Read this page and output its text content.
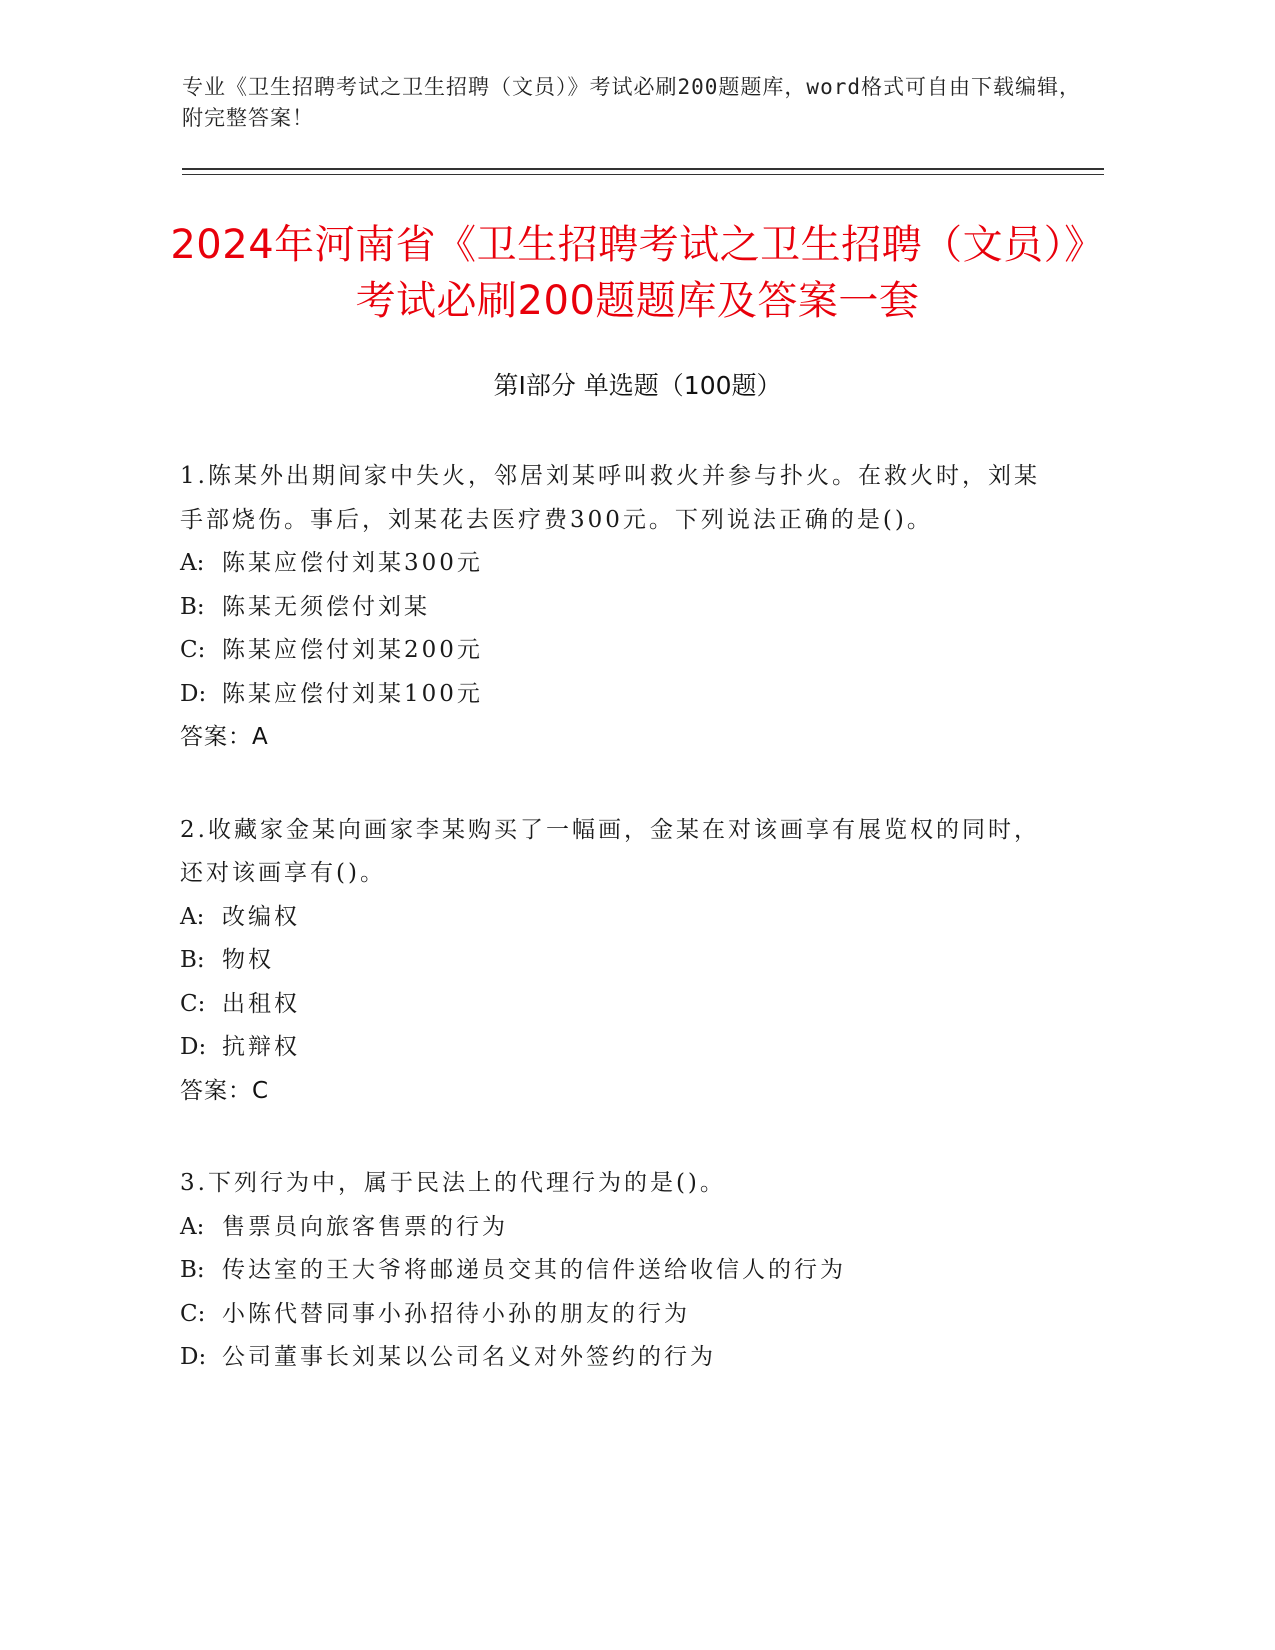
专业《卫生招聘考试之卫生招聘（文员）》考试必刷200题题库，word格式可自由下载编辑，附完整答案！
2024年河南省《卫生招聘考试之卫生招聘（文员）》考试必刷200题题库及答案一套
第Ⅰ部分 单选题（100题）
1.陈某外出期间家中失火，邻居刘某呼叫救火并参与扑火。在救火时，刘某手部烧伤。事后，刘某花去医疗费300元。下列说法正确的是()。
A: 陈某应偿付刘某300元
B: 陈某无须偿付刘某
C: 陈某应偿付刘某200元
D: 陈某应偿付刘某100元
答案：A
2.收藏家金某向画家李某购买了一幅画，金某在对该画享有展览权的同时，还对该画享有()。
A: 改编权
B: 物权
C: 出租权
D: 抗辩权
答案：C
3.下列行为中，属于民法上的代理行为的是()。
A: 售票员向旅客售票的行为
B: 传达室的王大爷将邮递员交其的信件送给收信人的行为
C: 小陈代替同事小孙招待小孙的朋友的行为
D: 公司董事长刘某以公司名义对外签约的行为
